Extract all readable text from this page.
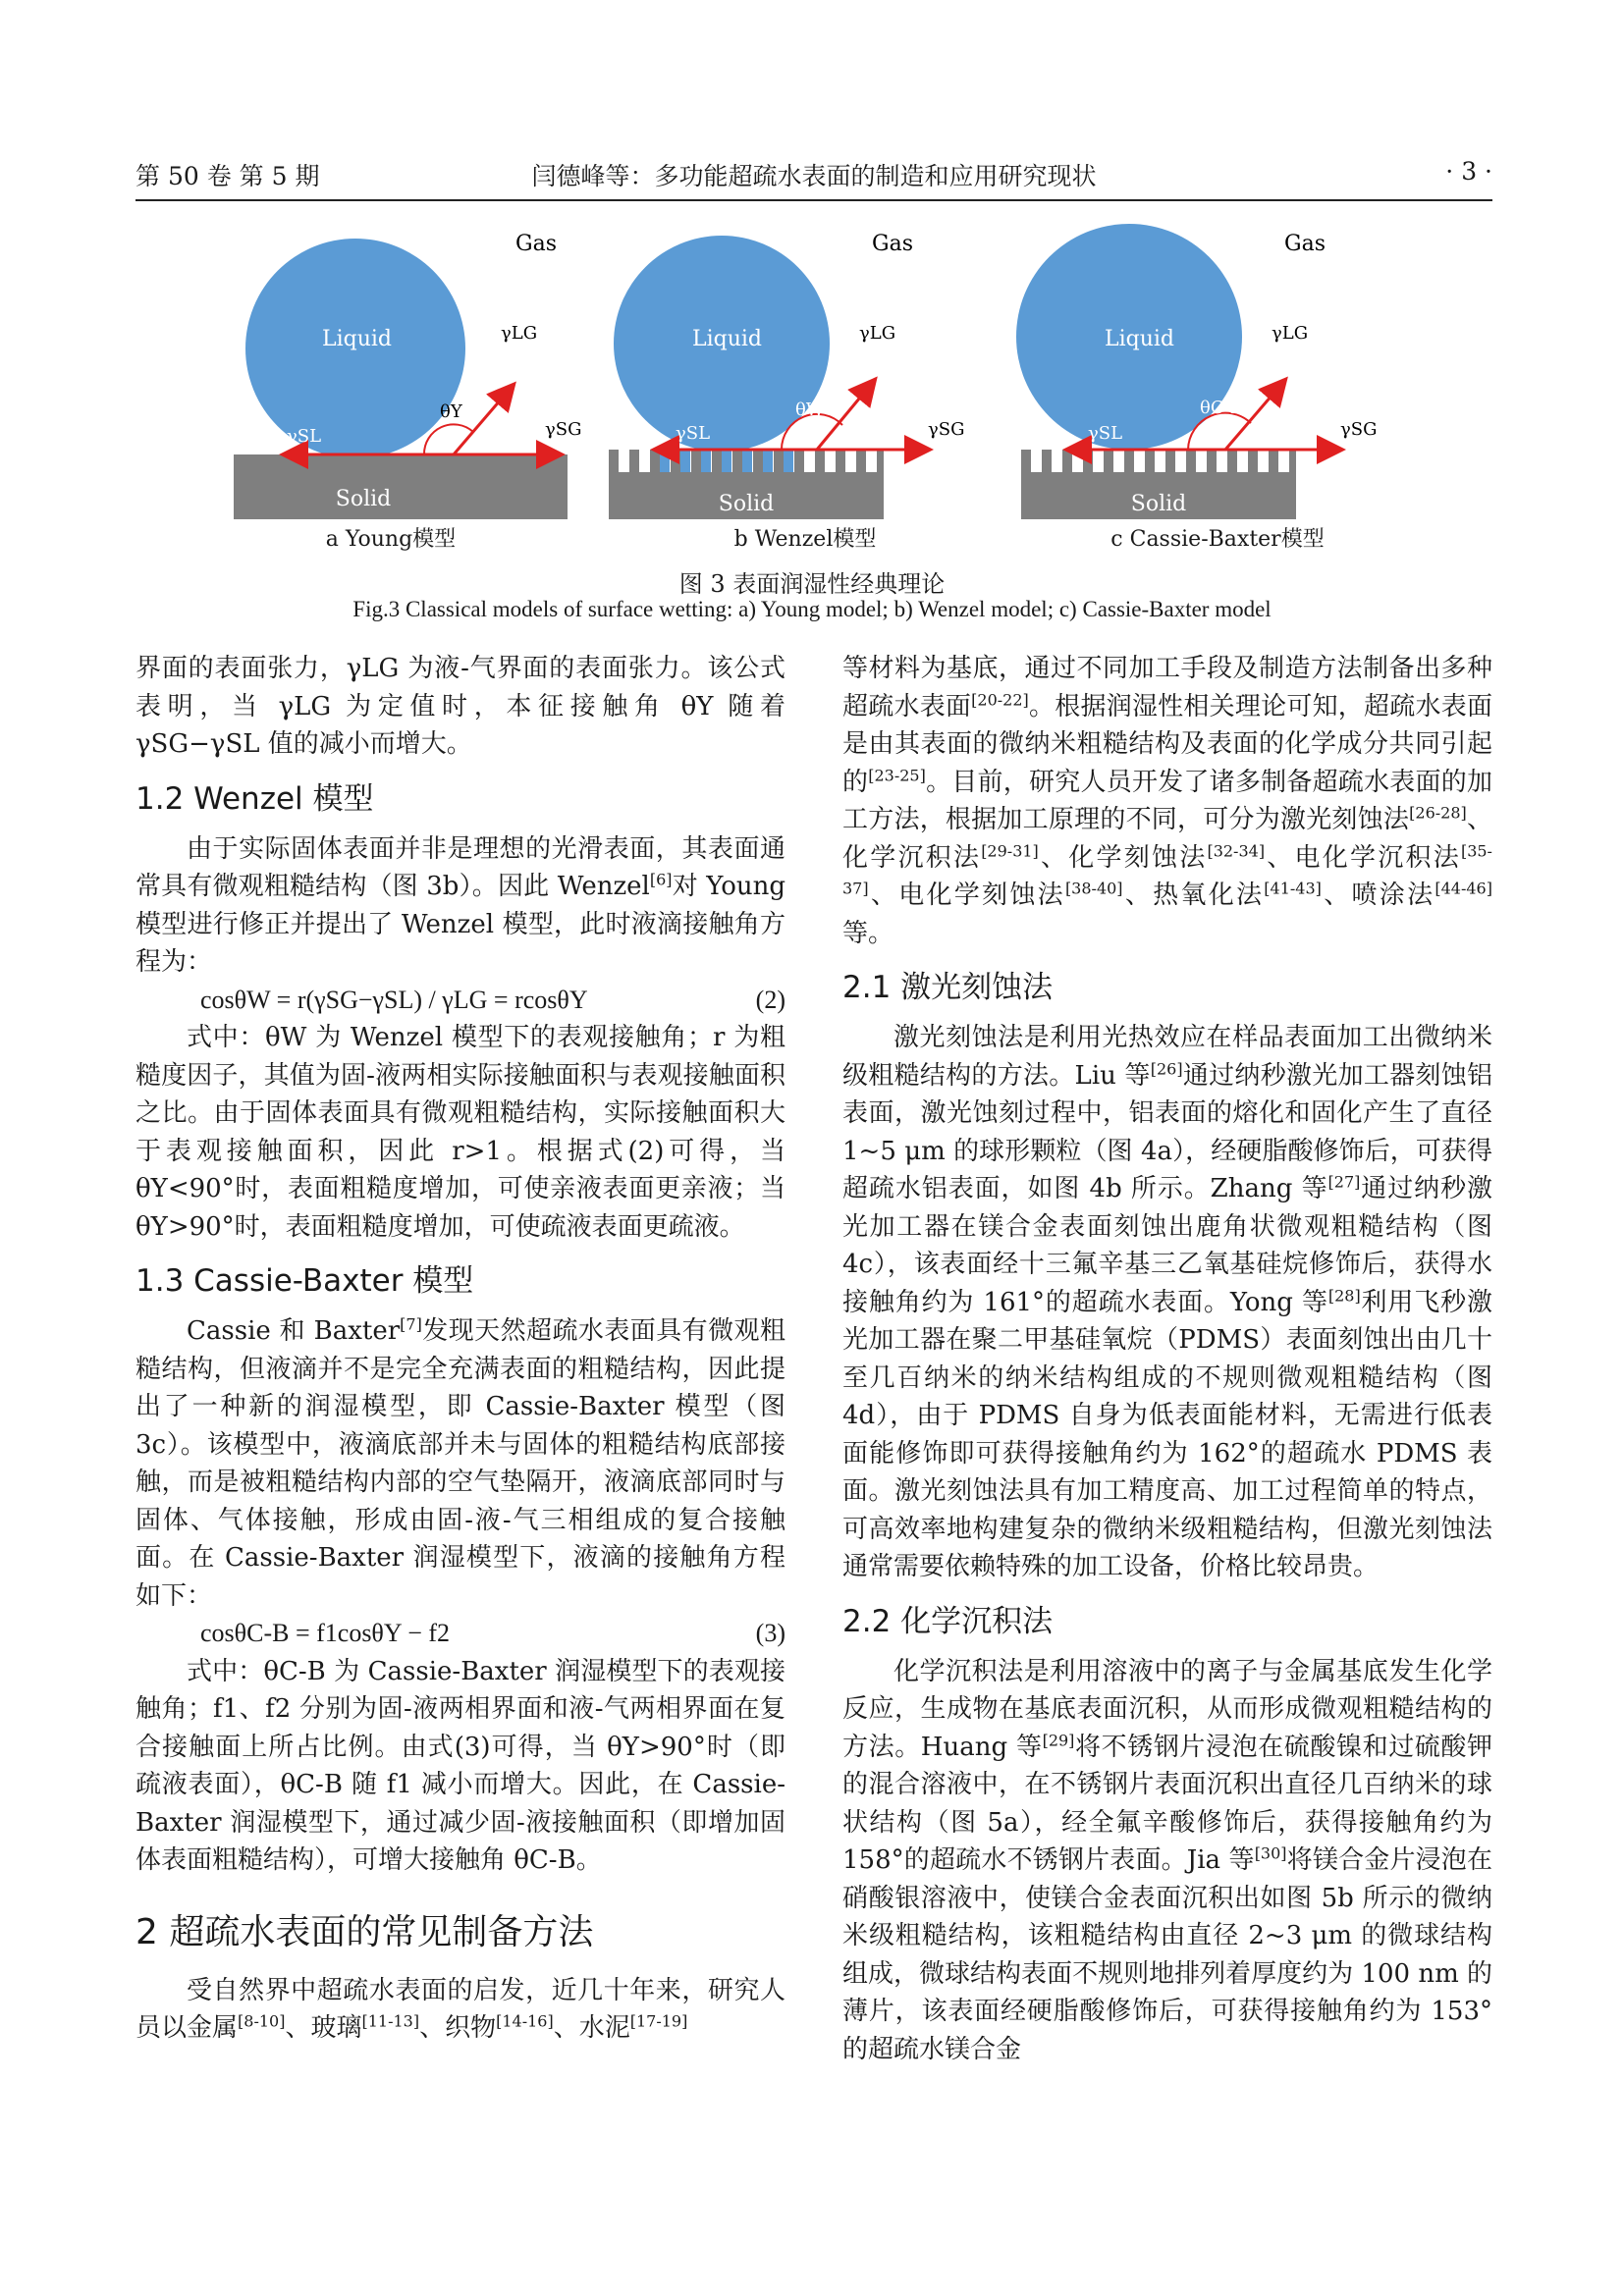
第 50 卷 第 5 期	闫德峰等：多功能超疏水表面的制造和应用研究现状	· 3 ·
Gas
Liquid	γLG
γSG
γSL
θY
Solid
Gas
Liquid	γLG
γSG
γSL
θW
Solid
Gas
Liquid	γLG
γSG
γSL
θC-B
Solid
a Young模型	b Wenzel模型	c Cassie-Baxter模型
图 3 表面润湿性经典理论
Fig.3 Classical models of surface wetting: a) Young model; b) Wenzel model; c) Cassie-Baxter model

界面的表面张力，γLG 为液-气界面的表面张力。该公式表明，当 γLG 为定值时，本征接触角 θY 随着 γSG−γSL 值的减小而增大。

1.2 Wenzel 模型

由于实际固体表面并非是理想的光滑表面，其表面通常具有微观粗糙结构（图 3b）。因此 Wenzel[6]对 Young 模型进行修正并提出了 Wenzel 模型，此时液滴接触角方程为：

cosθW = r(γSG−γSL) / γLG = rcosθY	(2)

式中：θW 为 Wenzel 模型下的表观接触角；r 为粗糙度因子，其值为固-液两相实际接触面积与表观接触面积之比。由于固体表面具有微观粗糙结构，实际接触面积大于表观接触面积，因此 r>1。根据式(2)可得，当 θY<90°时，表面粗糙度增加，可使亲液表面更亲液；当 θY>90°时，表面粗糙度增加，可使疏液表面更疏液。

1.3 Cassie-Baxter 模型

Cassie 和 Baxter[7]发现天然超疏水表面具有微观粗糙结构，但液滴并不是完全充满表面的粗糙结构，因此提出了一种新的润湿模型，即 Cassie-Baxter 模型（图 3c）。该模型中，液滴底部并未与固体的粗糙结构底部接触，而是被粗糙结构内部的空气垫隔开，液滴底部同时与固体、气体接触，形成由固-液-气三相组成的复合接触面。在 Cassie-Baxter 润湿模型下，液滴的接触角方程如下：

cosθC-B = f1cosθY − f2	(3)

式中：θC-B 为 Cassie-Baxter 润湿模型下的表观接触角；f1、f2 分别为固-液两相界面和液-气两相界面在复合接触面上所占比例。由式(3)可得，当 θY>90°时（即疏液表面），θC-B 随 f1 减小而增大。因此，在 Cassie-Baxter 润湿模型下，通过减少固-液接触面积（即增加固体表面粗糙结构），可增大接触角 θC-B。

2 超疏水表面的常见制备方法

受自然界中超疏水表面的启发，近几十年来，研究人员以金属[8-10]、玻璃[11-13]、织物[14-16]、水泥[17-19]

等材料为基底，通过不同加工手段及制造方法制备出多种超疏水表面[20-22]。根据润湿性相关理论可知，超疏水表面是由其表面的微纳米粗糙结构及表面的化学成分共同引起的[23-25]。目前，研究人员开发了诸多制备超疏水表面的加工方法，根据加工原理的不同，可分为激光刻蚀法[26-28]、化学沉积法[29-31]、化学刻蚀法[32-34]、电化学沉积法[35-37]、电化学刻蚀法[38-40]、热氧化法[41-43]、喷涂法[44-46]等。

2.1 激光刻蚀法

激光刻蚀法是利用光热效应在样品表面加工出微纳米级粗糙结构的方法。Liu 等[26]通过纳秒激光加工器刻蚀铝表面，激光蚀刻过程中，铝表面的熔化和固化产生了直径 1~5 μm 的球形颗粒（图 4a），经硬脂酸修饰后，可获得超疏水铝表面，如图 4b 所示。Zhang 等[27]通过纳秒激光加工器在镁合金表面刻蚀出鹿角状微观粗糙结构（图 4c），该表面经十三氟辛基三乙氧基硅烷修饰后，获得水接触角约为 161°的超疏水表面。Yong 等[28]利用飞秒激光加工器在聚二甲基硅氧烷（PDMS）表面刻蚀出由几十至几百纳米的纳米结构组成的不规则微观粗糙结构（图 4d），由于 PDMS 自身为低表面能材料，无需进行低表面能修饰即可获得接触角约为 162°的超疏水 PDMS 表面。激光刻蚀法具有加工精度高、加工过程简单的特点，可高效率地构建复杂的微纳米级粗糙结构，但激光刻蚀法通常需要依赖特殊的加工设备，价格比较昂贵。

2.2 化学沉积法

化学沉积法是利用溶液中的离子与金属基底发生化学反应，生成物在基底表面沉积，从而形成微观粗糙结构的方法。Huang 等[29]将不锈钢片浸泡在硫酸镍和过硫酸钾的混合溶液中，在不锈钢片表面沉积出直径几百纳米的球状结构（图 5a），经全氟辛酸修饰后，获得接触角约为 158°的超疏水不锈钢片表面。Jia 等[30]将镁合金片浸泡在硝酸银溶液中，使镁合金表面沉积出如图 5b 所示的微纳米级粗糙结构，该粗糙结构由直径 2~3 μm 的微球结构组成，微球结构表面不规则地排列着厚度约为 100 nm 的薄片，该表面经硬脂酸修饰后，可获得接触角约为 153°的超疏水镁合金
